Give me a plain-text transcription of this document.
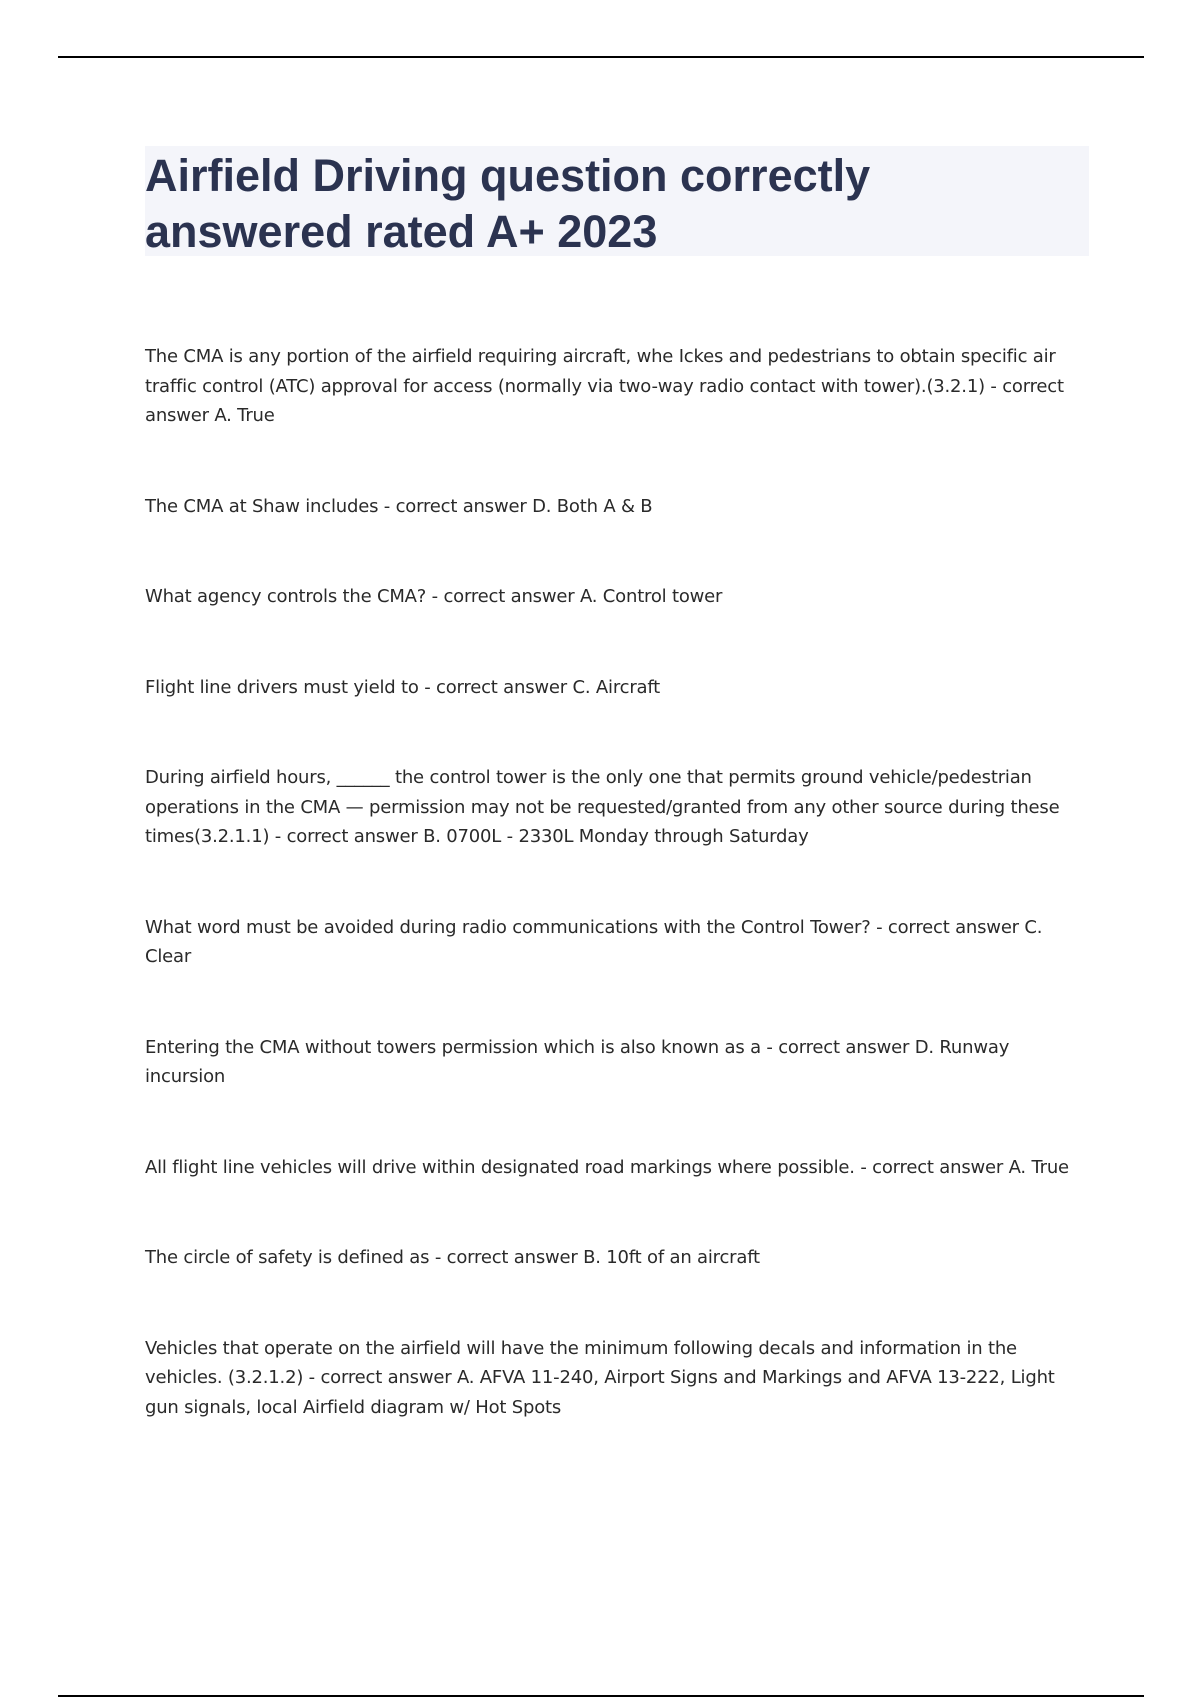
Airfield Driving question correctly answered rated A+ 2023

The CMA is any portion of the airfield requiring aircraft, whe Ickes and pedestrians to obtain specific air traffic control (ATC) approval for access (normally via two-way radio contact with tower).(3.2.1) - correct answer A. True

The CMA at Shaw includes - correct answer D. Both A & B

What agency controls the CMA? - correct answer A. Control tower

Flight line drivers must yield to - correct answer C. Aircraft

During airfield hours, ______ the control tower is the only one that permits ground vehicle/pedestrian operations in the CMA — permission may not be requested/granted from any other source during these times(3.2.1.1) - correct answer B. 0700L - 2330L Monday through Saturday

What word must be avoided during radio communications with the Control Tower? - correct answer C. Clear

Entering the CMA without towers permission which is also known as a - correct answer D. Runway incursion

All flight line vehicles will drive within designated road markings where possible. - correct answer A. True

The circle of safety is defined as - correct answer B. 10ft of an aircraft

Vehicles that operate on the airfield will have the minimum following decals and information in the vehicles. (3.2.1.2) - correct answer A. AFVA 11-240, Airport Signs and Markings and AFVA 13-222, Light gun signals, local Airfield diagram w/ Hot Spots
